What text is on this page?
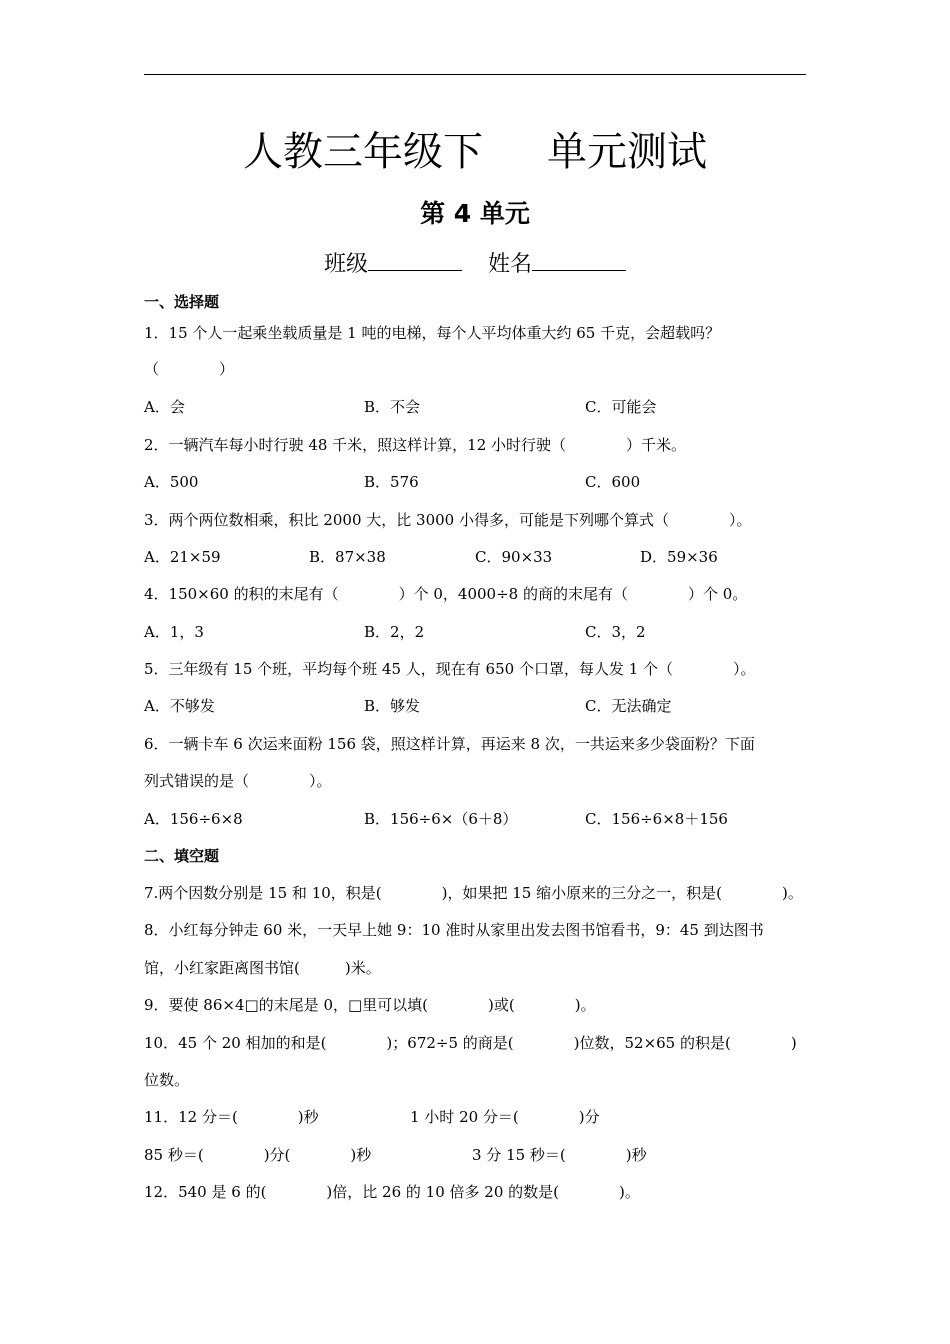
人教三年级下 单元测试
第 4 单元
班级	姓名
一、选择题
1．15 个人一起乘坐载质量是 1 吨的电梯，每个人平均体重大约 65 千克，会超载吗？
（　　　　）
A．会	B．不会	C．可能会
2．一辆汽车每小时行驶 48 千米，照这样计算，12 小时行驶（　　　　）千米。
A．500	B．576	C．600
3．两个两位数相乘，积比 2000 大，比 3000 小得多，可能是下列哪个算式（　　　　）。
A．21×59	B．87×38	C．90×33	D．59×36
4．150×60 的积的末尾有（　　　　）个 0，4000÷8 的商的末尾有（　　　　）个 0。
A．1，3	B．2，2	C．3，2
5．三年级有 15 个班，平均每个班 45 人，现在有 650 个口罩，每人发 1 个（　　　　）。
A．不够发	B．够发	C．无法确定
6．一辆卡车 6 次运来面粉 156 袋，照这样计算，再运来 8 次，一共运来多少袋面粉？下面
列式错误的是（　　　　）。
A．156÷6×8	B．156÷6×（6＋8）	C．156÷6×8＋156
二、填空题
7.两个因数分别是 15 和 10，积是(　　　　)，如果把 15 缩小原来的三分之一，积是(　　　　)。
8．小红每分钟走 60 米，一天早上她 9：10 准时从家里出发去图书馆看书，9：45 到达图书
馆，小红家距离图书馆(　　　)米。
9．要使 86×4□的末尾是 0，□里可以填(　　　　)或(　　　　)。
10．45 个 20 相加的和是(　　　　)；672÷5 的商是(　　　　)位数，52×65 的积是(　　　　)
位数。
11．12 分＝(　　　　)秒	1 小时 20 分＝(　　　　)分
85 秒＝(　　　　)分(　　　　)秒	3 分 15 秒＝(　　　　)秒
12．540 是 6 的(　　　　)倍，比 26 的 10 倍多 20 的数是(　　　　)。
